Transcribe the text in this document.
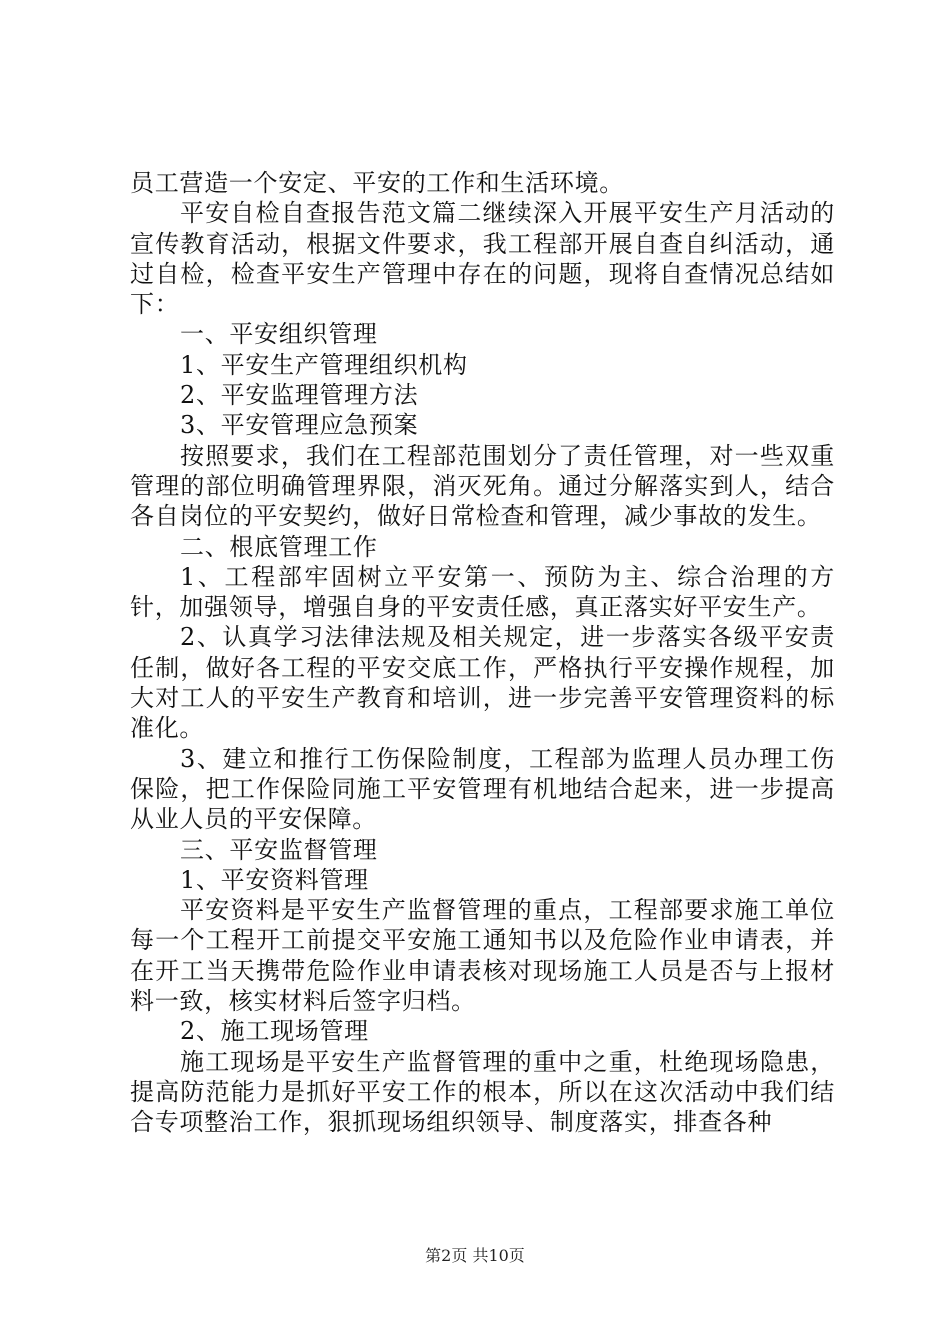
员工营造一个安定、平安的工作和生活环境。

平安自检自查报告范文篇二继续深入开展平安生产月活动的宣传教育活动，根据文件要求，我工程部开展自查自纠活动，通过自检，检查平安生产管理中存在的问题，现将自查情况总结如下：

一、平安组织管理

1、平安生产管理组织机构

2、平安监理管理方法

3、平安管理应急预案

按照要求，我们在工程部范围划分了责任管理，对一些双重管理的部位明确管理界限，消灭死角。通过分解落实到人，结合各自岗位的平安契约，做好日常检查和管理，减少事故的发生。

二、根底管理工作

1、工程部牢固树立平安第一、预防为主、综合治理的方针，加强领导，增强自身的平安责任感，真正落实好平安生产。

2、认真学习法律法规及相关规定，进一步落实各级平安责任制，做好各工程的平安交底工作，严格执行平安操作规程，加大对工人的平安生产教育和培训，进一步完善平安管理资料的标准化。

3、建立和推行工伤保险制度，工程部为监理人员办理工伤保险，把工作保险同施工平安管理有机地结合起来，进一步提高从业人员的平安保障。

三、平安监督管理

1、平安资料管理

平安资料是平安生产监督管理的重点，工程部要求施工单位每一个工程开工前提交平安施工通知书以及危险作业申请表，并在开工当天携带危险作业申请表核对现场施工人员是否与上报材料一致，核实材料后签字归档。

2、施工现场管理

施工现场是平安生产监督管理的重中之重，杜绝现场隐患，提高防范能力是抓好平安工作的根本，所以在这次活动中我们结合专项整治工作，狠抓现场组织领导、制度落实，排查各种

第2页 共10页
